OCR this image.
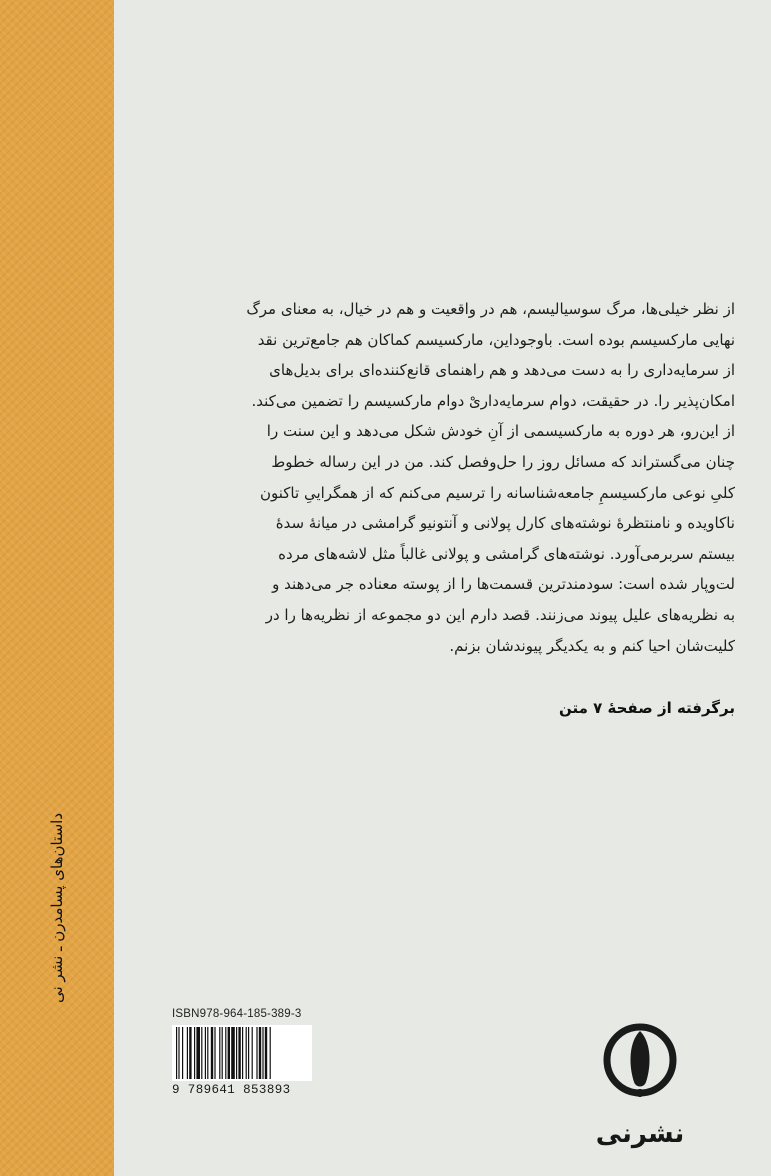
داستان‌های پسامدرن ـ نشر نی
از نظر خیلی‌ها، مرگ سوسیالیسم، هم در واقعیت و هم در خیال، به معنای مرگ
نهایی مارکسیسم بوده است. باوجوداین، مارکسیسم کماکان هم جامع‌ترین نقد
از سرمایه‌داری را به دست می‌دهد و هم راهنمای قانع‌کننده‌ای برای بدیل‌های
امکان‌پذیر را. در حقیقت، دوام سرمایه‌داریْ دوام مارکسیسم را تضمین می‌کند.
از این‌رو، هر دوره به مارکسیسمی از آنِ خودش شکل می‌دهد و این سنت را
چنان می‌گستراند که مسائل روز را حل‌وفصل کند. من در این رساله خطوط
کلیِ نوعی مارکسیسمِ جامعه‌شناسانه را ترسیم می‌کنم که از همگراییِ تاکنون
ناکاویده و نامنتظرۀ نوشته‌های کارل پولانی و آنتونیو گرامشی در میانۀ سدۀ
بیستم سربرمی‌آورد. نوشته‌های گرامشی و پولانی غالباً مثل لاشه‌های مرده
لت‌وپار شده است: سودمندترین قسمت‌ها را از پوسته معناده جر می‌دهند و
به نظریه‌های علیل پیوند می‌زنند. قصد دارم این دو مجموعه از نظریه‌ها را در
کلیت‌شان احیا کنم و به یکدیگر پیوندشان بزنم.
برگرفته از صفحۀ ۷ متن
ISBN978-964-185-389-3
9 789641 853893
نشرنی
